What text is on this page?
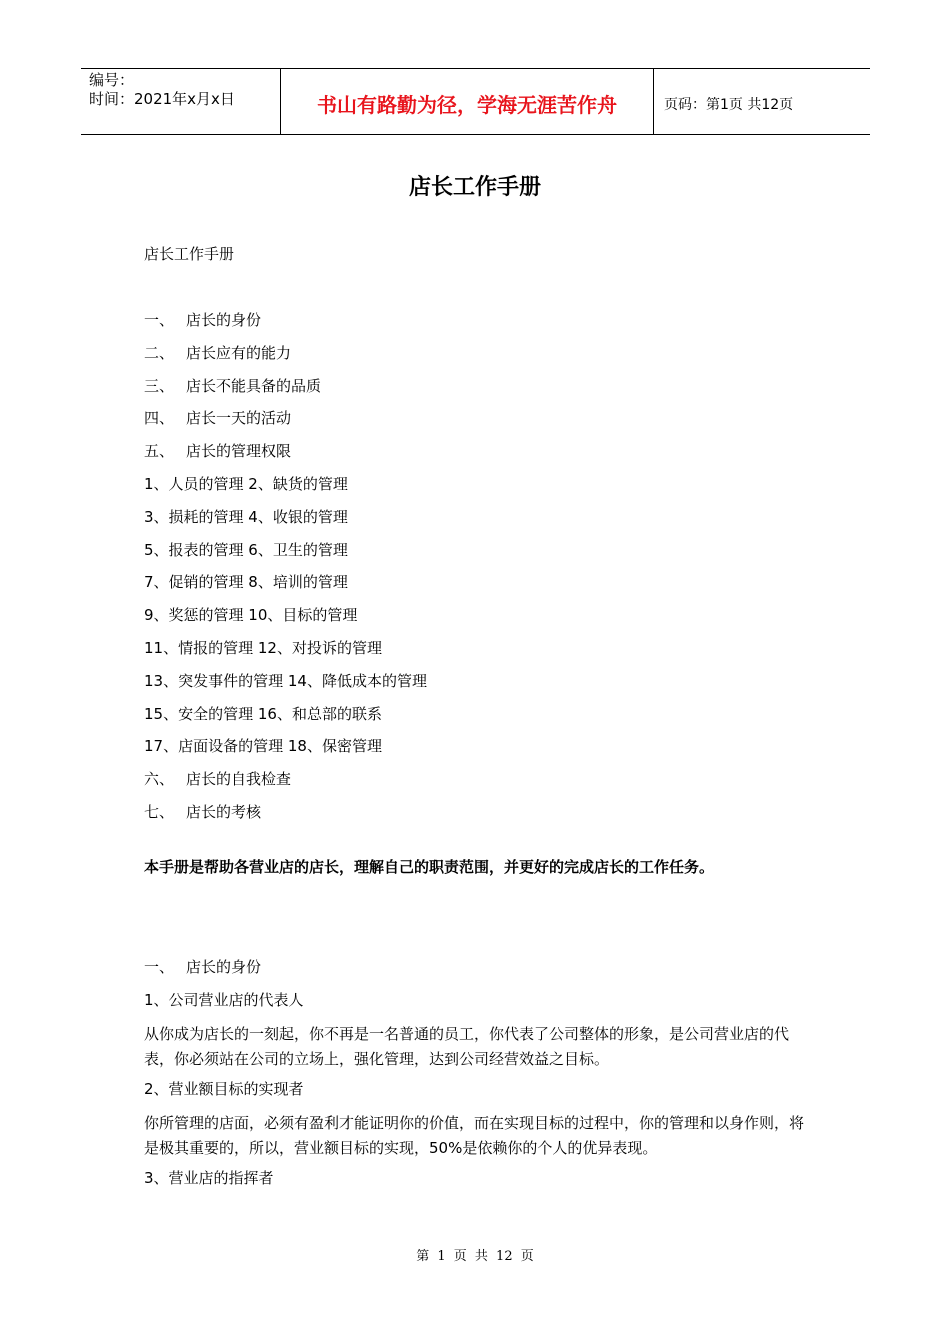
编号：
时间：2021年x月x日	书山有路勤为径，学海无涯苦作舟	页码：第1页 共12页
店长工作手册
店长工作手册
一、 店长的身份
二、 店长应有的能力
三、 店长不能具备的品质
四、 店长一天的活动
五、 店长的管理权限
1、人员的管理 2、缺货的管理
3、损耗的管理 4、收银的管理
5、报表的管理 6、卫生的管理
7、促销的管理 8、培训的管理
9、奖惩的管理 10、目标的管理
11、情报的管理 12、对投诉的管理
13、突发事件的管理 14、降低成本的管理
15、安全的管理 16、和总部的联系
17、店面设备的管理 18、保密管理
六、 店长的自我检查
七、 店长的考核
本手册是帮助各营业店的店长，理解自己的职责范围，并更好的完成店长的工作任务。
一、 店长的身份
1、公司营业店的代表人
从你成为店长的一刻起，你不再是一名普通的员工，你代表了公司整体的形象，是公司营业店的代表，你必须站在公司的立场上，强化管理，达到公司经营效益之目标。
2、营业额目标的实现者
你所管理的店面，必须有盈利才能证明你的价值，而在实现目标的过程中，你的管理和以身作则，将是极其重要的，所以，营业额目标的实现，50%是依赖你的个人的优异表现。
3、营业店的指挥者
第 1 页 共 12 页
